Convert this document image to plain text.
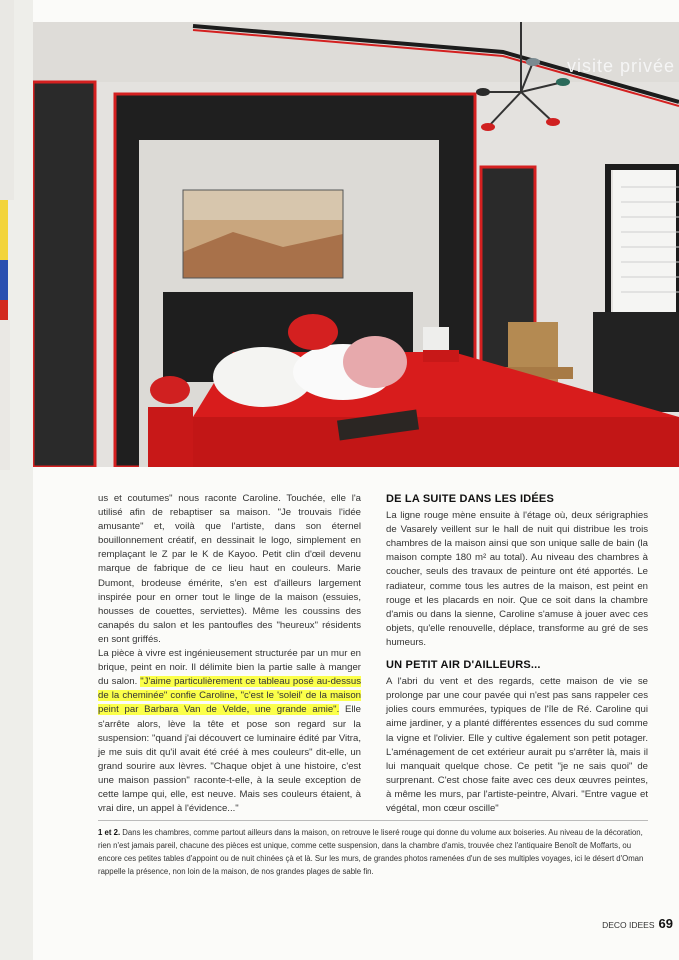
visite privée

us et coutumes" nous raconte Caroline. Touchée, elle l'a utilisé afin de rebaptiser sa maison. "Je trouvais l'idée amusante" et, voilà que l'artiste, dans son éternel bouillonnement créatif, en dessinait le logo, simplement en remplaçant le Z par le K de Kayoo. Petit clin d'œil devenu marque de fabrique de ce lieu haut en couleurs. Marie Dumont, brodeuse émérite, s'en est d'ailleurs largement inspirée pour en orner tout le linge de la maison (essuies, housses de couettes, serviettes). Même les coussins des canapés du salon et les pantoufles des "heureux" résidents en sont griffés.

La pièce à vivre est ingénieusement structurée par un mur en brique, peint en noir. Il délimite bien la partie salle à manger du salon. "J'aime particulièrement ce tableau posé au-dessus de la cheminée" confie Caroline, "c'est le 'soleil' de la maison peint par Barbara Van de Velde, une grande amie". Elle s'arrête alors, lève la tête et pose son regard sur la suspension: "quand j'ai découvert ce luminaire édité par Vitra, je me suis dit qu'il avait été créé à mes couleurs" dit-elle, un grand sourire aux lèvres. "Chaque objet à une histoire, c'est une maison passion" raconte-t-elle, à la seule exception de cette lampe qui, elle, est neuve. Mais ses couleurs étaient, à vrai dire, un appel à l'évidence..."

DE LA SUITE DANS LES IDÉES

La ligne rouge mène ensuite à l'étage où, deux sérigraphies de Vasarely veillent sur le hall de nuit qui distribue les trois chambres de la maison ainsi que son unique salle de bain (la maison compte 180 m² au total). Au niveau des chambres à coucher, seuls des travaux de peinture ont été apportés. Le radiateur, comme tous les autres de la maison, est peint en rouge et les placards en noir. Que ce soit dans la chambre d'amis ou dans la sienne, Caroline s'amuse à jouer avec ces objets, qu'elle renouvelle, déplace, transforme au gré de ses humeurs.

UN PETIT AIR D'AILLEURS...

A l'abri du vent et des regards, cette maison de vie se prolonge par une cour pavée qui n'est pas sans rappeler ces jolies cours emmurées, typiques de l'île de Ré. Caroline qui aime jardiner, y a planté différentes essences du sud comme la vigne et l'olivier. Elle y cultive également son petit potager. L'aménagement de cet extérieur aurait pu s'arrêter là, mais il lui manquait quelque chose. Ce petit "je ne sais quoi" de surprenant. C'est chose faite avec ces deux œuvres peintes, à même les murs, par l'artiste-peintre, Alvari. "Entre vague et végétal, mon cœur oscille"

1 et 2. Dans les chambres, comme partout ailleurs dans la maison, on retrouve le liseré rouge qui donne du volume aux boiseries. Au niveau de la décoration, rien n'est jamais pareil, chacune des pièces est unique, comme cette suspension, dans la chambre d'amis, trouvée chez l'antiquaire Benoît de Moffarts, ou encore ces petites tables d'appoint ou de nuit chinées çà et là. Sur les murs, de grandes photos ramenées d'un de ses multiples voyages, ici le désert d'Oman rappelle la présence, non loin de la maison, de nos grandes plages de sable fin.
DECO IDEES 69
